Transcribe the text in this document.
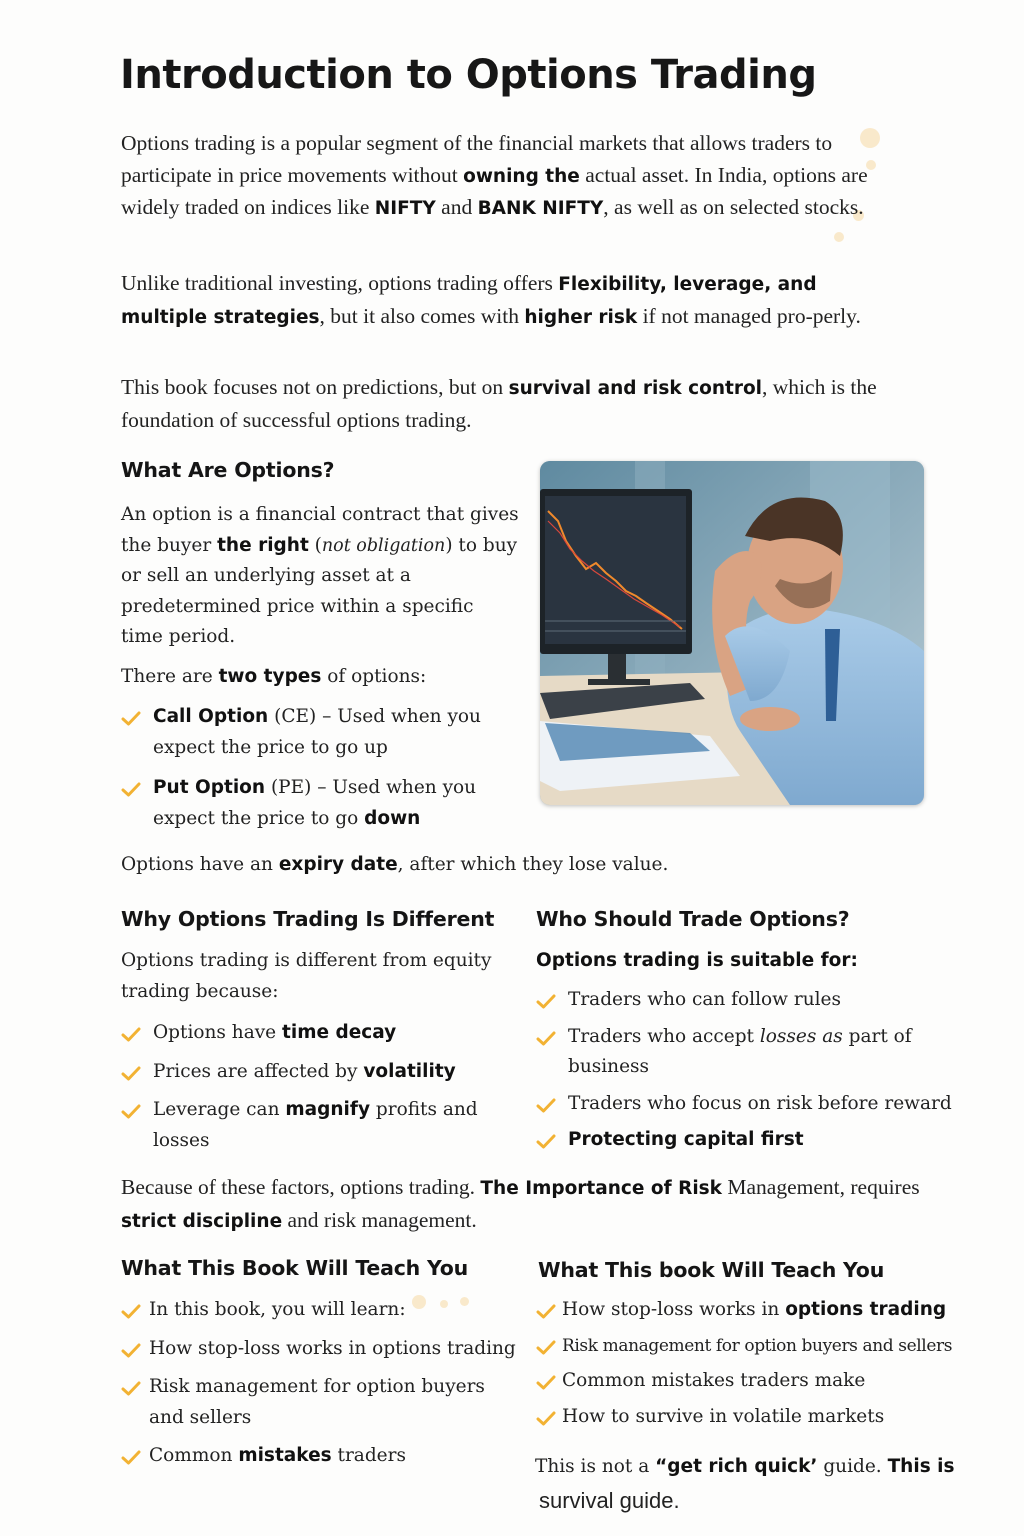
Introduction to Options Trading

Options trading is a popular segment of the financial markets that allows traders to participate in price movements without owning the actual asset. In India, options are widely traded on indices like NIFTY and BANK NIFTY, as well as on selected stocks.

Unlike traditional investing, options trading offers Flexibility, leverage, and multiple strategies, but it also comes with higher risk if not managed pro-perly.

This book focuses not on predictions, but on survival and risk control, which is the foundation of successful options trading.

What Are Options?

An option is a financial contract that gives the buyer the right (not obligation) to buy or sell an underlying asset at a predetermined price within a specific time period.

There are two types of options:

Call Option (CE) – Used when you expect the price to go up
Put Option (PE) – Used when you expect the price to go down

Options have an expiry date, after which they lose value.

Why Options Trading Is Different

Options trading is different from equity trading because:

Options have time decay
Prices are affected by volatility
Leverage can magnify profits and losses
Who Should Trade Options?

Options trading is suitable for:

Traders who can follow rules
Traders who accept losses as part of business
Traders who focus on risk before reward
Protecting capital first

Because of these factors, options trading. The Importance of Risk Management, requires strict discipline and risk management.

What This Book Will Teach You
In this book, you will learn:
How stop-loss works in options trading
Risk management for option buyers and sellers
Common mistakes traders
What This book Will Teach You
How stop-loss works in options trading
Risk management for option buyers and sellers
Common mistakes traders make
How to survive in volatile markets

This is not a “get rich quick’ guide. This is
survival guide.
